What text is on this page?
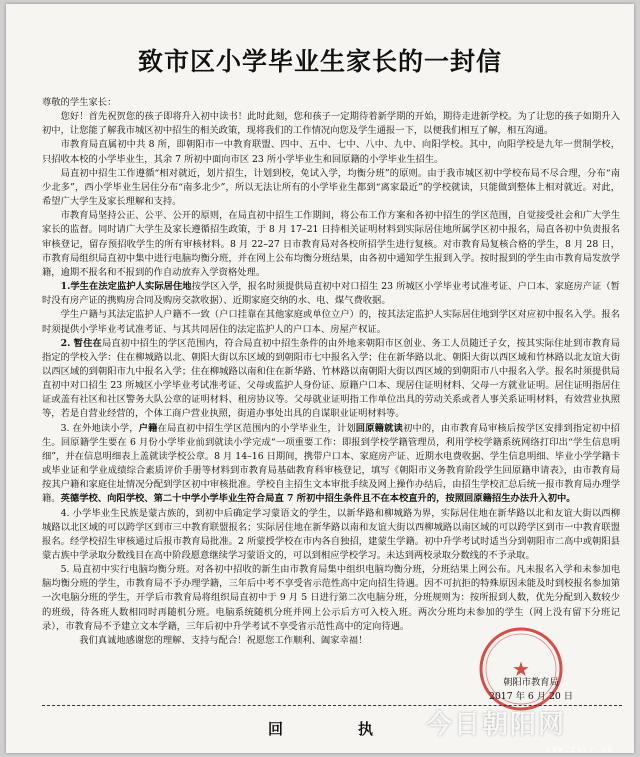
致市区小学毕业生家长的一封信

尊敬的学生家长：

您好！首先祝贺您的孩子即将升入初中读书！此时此刻，您和孩子一定期待着新学期的开始，期待走进新学校。为了让您的孩子如期升入初中，让您能了解我市城区初中招生的相关政策，现将我们的工作情况向您及学生通报一下，以便我们相互了解，相互沟通。

市教育局直属初中共 8 所，即朝阳市一中教育联盟、四中、五中、七中、八中、九中、向阳学校。其中，向阳学校是九年一贯制学校，只招收本校的小学毕业生，其余 7 所初中面向市区 23 所小学毕业生和回原籍的小学毕业生招生。

局直初中招生工作遵循“相对就近，划片招生，计划到校，免试入学，均衡分班”的原则。由于我市城区初中学校布局不尽合理，分布“南少北多”，西小学毕业生居住分布“南多北少”，所以无法让所有的小学毕业生都到“离家最近”的学校就读，只能做到整体上相对就近。对此，希望广大学生及家长理解和支持。

市教育局坚持公正、公平、公开的原则，在局直初中招生工作期间，将公布工作方案和各初中招生的学区范围，自觉接受社会和广大学生家长的监督。同时请广大学生及家长遵循招生政策，于 8 月 17–21 日持相关证明材料到实际居住地所属学区初中报名，局直各初中负责报名审核登记，留存预招收学生的所有审核材料。8 月 22–27 日市教育局对各校所招学生进行复核。对市教育局复核合格的学生，8 月 28 日，市教育局组织局直初中集中进行电脑均衡分班，并在网上公布均衡分班结果，由各初中通知学生报到入学。按时报到的学生由市教育局发放学籍，逾期不报名和不报到的作自动放弃入学资格处理。

1.学生在法定监护人实际居住地按学区入学，报名时须提供局直初中对口招生 23 所城区小学毕业考试准考证、户口本、家庭房产证（暂时没有房产证的携购房合同及购房交款收据）、近期家庭交纳的水、电、煤气费收据。

学生户籍与其法定监护人户籍不一致（户口挂靠在其他家庭或单位立户）的，按其法定监护人实际居住地到学区对应初中报名入学。报名时须提供小学毕业考试准考证、与其共同居住的法定监护人的户口本、房屋产权证。

2. 暂住在局直初中招生的学区范围内，符合局直初中招生条件的由外地来朝阳市区创业、务工人员随迁子女，按其实际住址到市教育局指定的学校入学：住在柳城路以北、朝阳大街以东区域的到朝阳市七中报名入学；住在新华路以北、朝阳大街以西区域和竹林路以北友谊大街以西区域的到朝阳市九中报名入学；住在柳城路以南和住在新华路、竹林路以南朝阳大街以西区域的到朝阳市八中报名入学。报名时须提供局直初中对口招生 23 所城区小学毕业考试准考证、父母或监护人身份证、原籍户口本、现居住证明材料、父母一方就业证明。居住证明指居住证或盖有社区和社区警务大队公章的证明材料、租房协议等。父母就业证明指工作单位出具的劳动关系或者人事关系证明材料，有效营业执照等，若是自营业经营的，个体工商户营业执照，街道办事处出具的自谋职业证明材料等。

3. 在外地读小学，户籍在局直初中招生学区范围内的小学毕业生，计划回原籍就读初中的，由市教育局审核后按学区安排到指定初中招生。回原籍学生要在 6 月份小学毕业前到就读小学完成“一项重要工作：即报到学校学籍管理员，利用学校学籍系统网络打印出“学生信息明细”，并在信息明细表上盖就读学校公章。8 月 14–16 日期间，携带户口本、家庭房产证、近期水电费收据、学生信息明细、毕业小学学籍卡或毕业证和学业成绩综合素质评价手册等材料到市教育局基础教育科审核登记，填写《朝阳市义务教育阶段学生回原籍申请表》，由市教育局按其户籍和家庭住址情况分配到学区初中审核批准。学校自主招生文本审批手续及网上操作办结后，由招生学校汇总后统一报市教育局办理学籍。英德学校、向阳学校、第二十中学小学毕业生符合局直 7 所初中招生条件且不在本校直升的，按照回原籍招生办法升入初中。

4. 小学毕业生民族是蒙古族的，到初中后确定学习蒙语文的学生，以新华路和柳城路为界，实际居住地在新华路以北和友谊大街以西柳城路以北区域的可以跨学区到市三中教育联盟报名；实际居住地在新华路以南和友谊大街以西柳城路以南区域的可以跨学区到市一中教育联盟报名。经学校招生审核通过后报市教育局批准。2 所蒙授学校在市内各自独招，建蒙生学籍。初中升学考试时适当分到朝阳市二高中或朝阳县蒙古族中学录取分数线目在高中阶段愿意继续学习蒙语文的，可以到相应学校学习。未达到两校录取分数线的不予录取。

5. 局直初中实行电脑均衡分班。对各初中招收的新生由市教育局集中组织电脑均衡分班，分班结果上网公布。凡未报名入学和未参加电脑均衡分班的学生，市教育局不予办理学籍，三年后中考不享受省示范性高中定向招生待遇。因不可抗拒的特殊原因未能及时到校报名参加第一次电脑分班的学生，开学后市教育局将组织局直初中于 9 月 5 日进行第二次电脑分班，分班规则为：按所报到人数，优先分配到入数较少的班级，待各班人数相同时再随机分班。电脑系统随机分班并网上公示后方可入校入班。两次分班均未参加的学生（网上没有留下分班记录），市教育局不予建立文本学籍，三年后初中升学考试不享受省示范性高中的定向待遇。

我们真诚地感谢您的理解、支持与配合！祝愿您工作顺利、阖家幸福！

★
朝阳市教育局
2017 年 6 月 20 日
回	执 今日朝阳网
WWW.ZICY.CN
